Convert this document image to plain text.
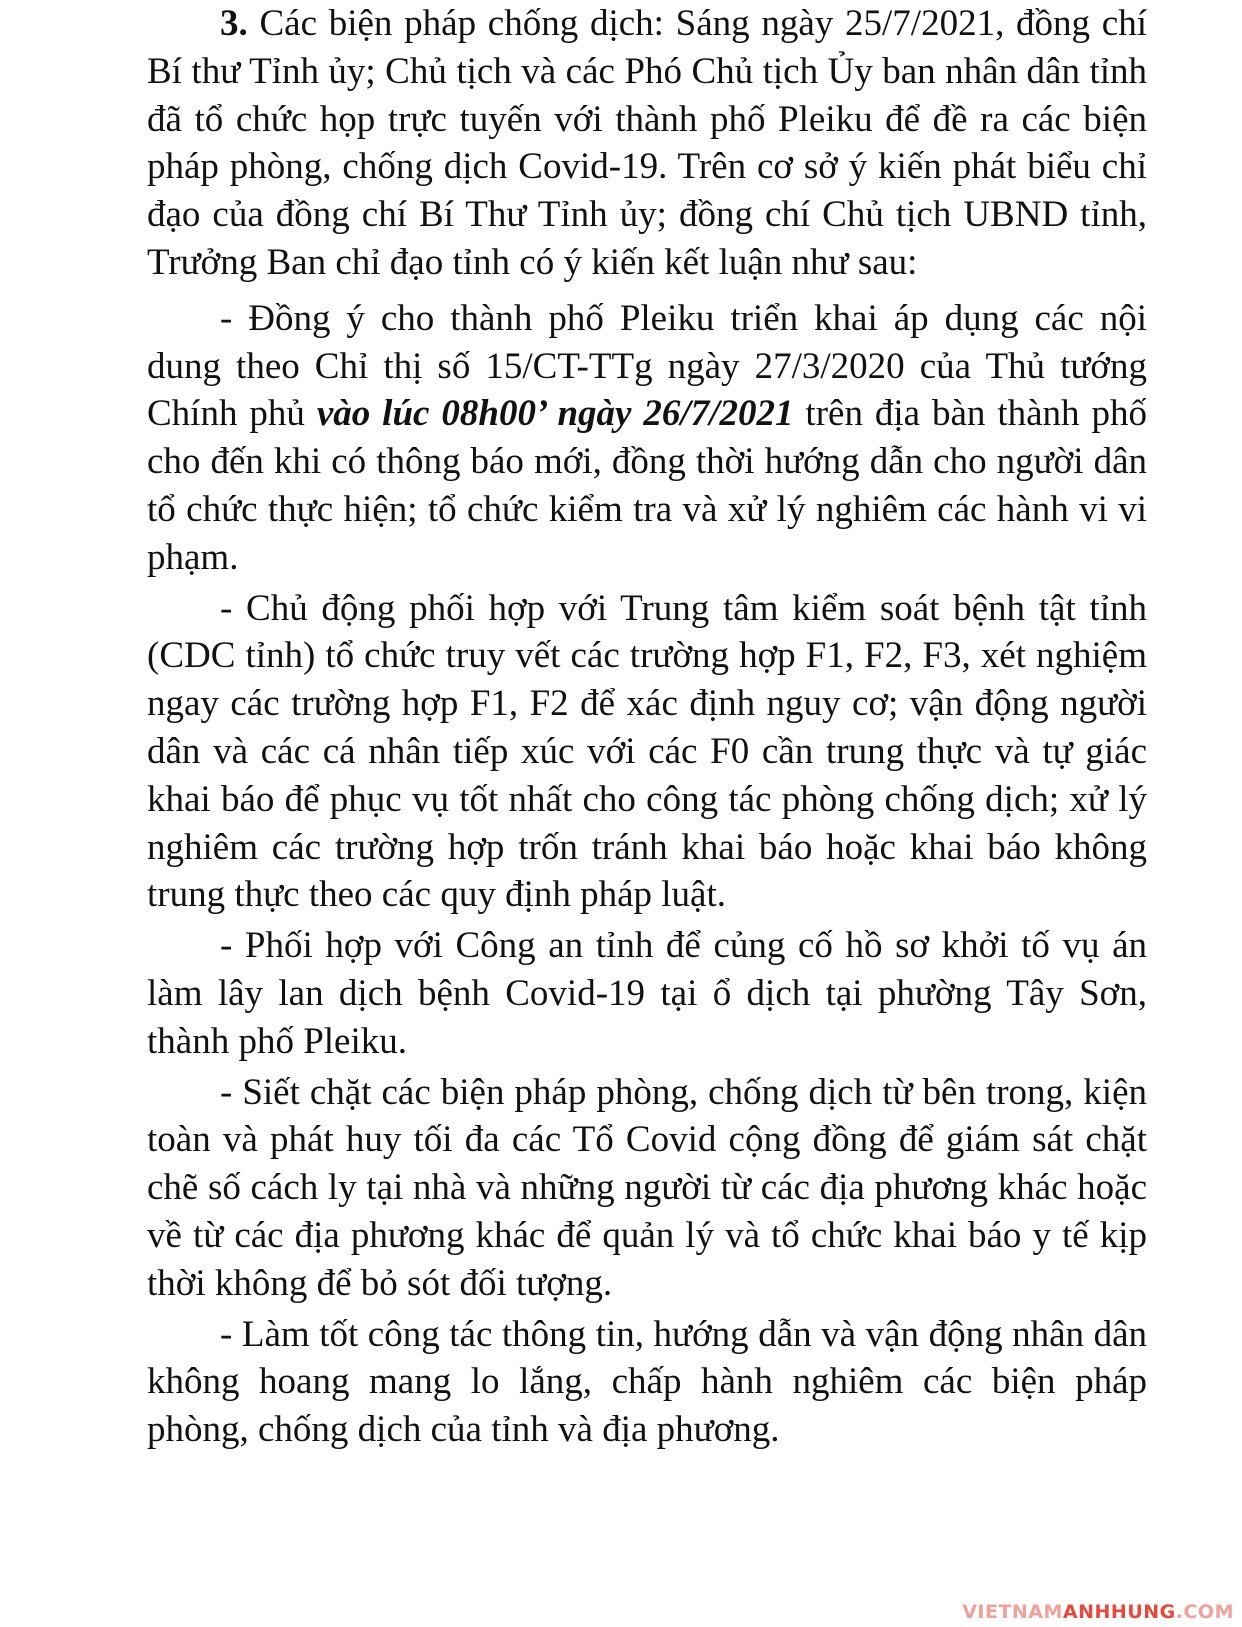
3. Các biện pháp chống dịch: Sáng ngày 25/7/2021, đồng chí Bí thư Tỉnh ủy; Chủ tịch và các Phó Chủ tịch Ủy ban nhân dân tỉnh đã tổ chức họp trực tuyến với thành phố Pleiku để đề ra các biện pháp phòng, chống dịch Covid-19. Trên cơ sở ý kiến phát biểu chỉ đạo của đồng chí Bí Thư Tỉnh ủy; đồng chí Chủ tịch UBND tỉnh, Trưởng Ban chỉ đạo tỉnh có ý kiến kết luận như sau:

- Đồng ý cho thành phố Pleiku triển khai áp dụng các nội dung theo Chỉ thị số 15/CT-TTg ngày 27/3/2020 của Thủ tướng Chính phủ vào lúc 08h00’ ngày 26/7/2021 trên địa bàn thành phố cho đến khi có thông báo mới, đồng thời hướng dẫn cho người dân tổ chức thực hiện; tổ chức kiểm tra và xử lý nghiêm các hành vi vi phạm.

- Chủ động phối hợp với Trung tâm kiểm soát bệnh tật tỉnh (CDC tỉnh) tổ chức truy vết các trường hợp F1, F2, F3, xét nghiệm ngay các trường hợp F1, F2 để xác định nguy cơ; vận động người dân và các cá nhân tiếp xúc với các F0 cần trung thực và tự giác khai báo để phục vụ tốt nhất cho công tác phòng chống dịch; xử lý nghiêm các trường hợp trốn tránh khai báo hoặc khai báo không trung thực theo các quy định pháp luật.

- Phối hợp với Công an tỉnh để củng cố hồ sơ khởi tố vụ án làm lây lan dịch bệnh Covid-19 tại ổ dịch tại phường Tây Sơn, thành phố Pleiku.

- Siết chặt các biện pháp phòng, chống dịch từ bên trong, kiện toàn và phát huy tối đa các Tổ Covid cộng đồng để giám sát chặt chẽ số cách ly tại nhà và những người từ các địa phương khác hoặc về từ các địa phương khác để quản lý và tổ chức khai báo y tế kịp thời không để bỏ sót đối tượng.

- Làm tốt công tác thông tin, hướng dẫn và vận động nhân dân không hoang mang lo lắng, chấp hành nghiêm các biện pháp phòng, chống dịch của tỉnh và địa phương.

VIETNAMANHHUNG.COM
